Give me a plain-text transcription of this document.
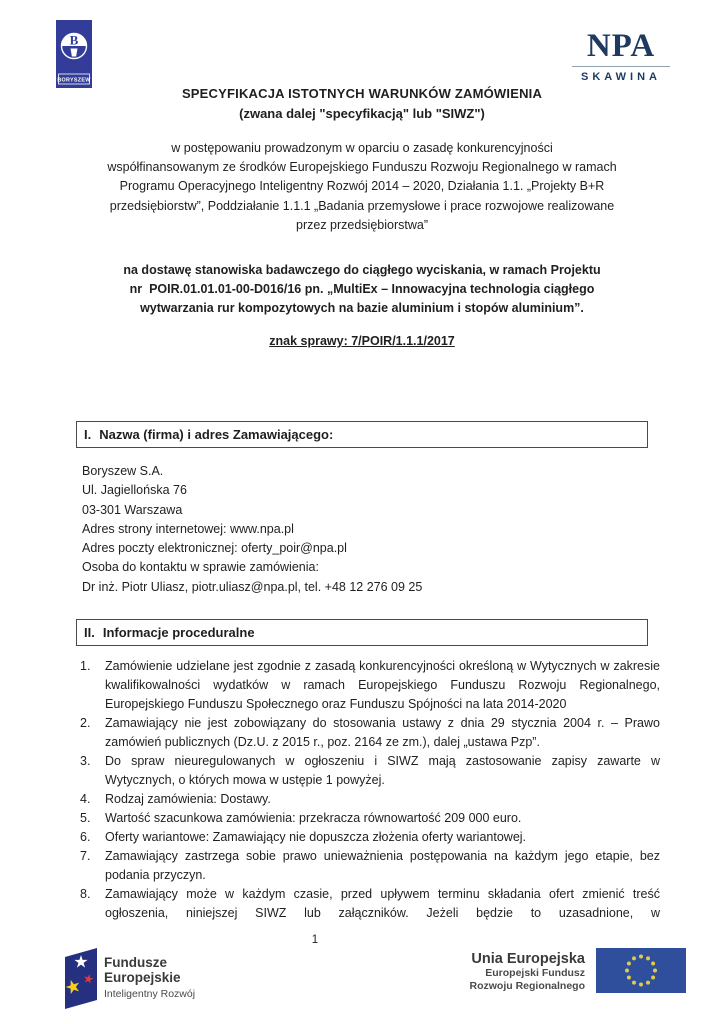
B
BORYSZEW
NPA
SKAWINA
SPECYFIKACJA ISTOTNYCH WARUNKÓW ZAMÓWIENIA
(zwana dalej "specyfikacją" lub "SIWZ")
w postępowaniu prowadzonym w oparciu o zasadę konkurencyjności
współfinansowanym ze środków Europejskiego Funduszu Rozwoju Regionalnego w ramach
Programu Operacyjnego Inteligentny Rozwój 2014 – 2020, Działania 1.1. „Projekty B+R
przedsiębiorstw”, Poddziałanie 1.1.1 „Badania przemysłowe i prace rozwojowe realizowane
przez przedsiębiorstwa”
na dostawę stanowiska badawczego do ciągłego wyciskania, w ramach Projektu
nr  POIR.01.01.01-00-D016/16 pn. „MultiEx – Innowacyjna technologia ciągłego
wytwarzania rur kompozytowych na bazie aluminium i stopów aluminium”.
znak sprawy: 7/POIR/1.1.1/2017
I. Nazwa (firma) i adres Zamawiającego:
Boryszew S.A.
Ul. Jagiellońska 76
03-301 Warszawa
Adres strony internetowej: www.npa.pl
Adres poczty elektronicznej: oferty_poir@npa.pl
Osoba do kontaktu w sprawie zamówienia:
Dr inż. Piotr Uliasz, piotr.uliasz@npa.pl, tel. +48 12 276 09 25
II. Informacje proceduralne
Zamówienie udzielane jest zgodnie z zasadą konkurencyjności określoną w Wytycznych w zakresie kwalifikowalności wydatków w ramach Europejskiego Funduszu Rozwoju Regionalnego, Europejskiego Funduszu Społecznego oraz Funduszu Spójności na lata 2014-2020
Zamawiający nie jest zobowiązany do stosowania ustawy z dnia 29 stycznia 2004 r. – Prawo zamówień publicznych (Dz.U. z 2015 r., poz. 2164 ze zm.), dalej „ustawa Pzp”.
Do spraw nieuregulowanych w ogłoszeniu i SIWZ mają zastosowanie zapisy zawarte w Wytycznych, o których mowa w ustępie 1 powyżej.
Rodzaj zamówienia: Dostawy.
Wartość szacunkowa zamówienia: przekracza równowartość 209 000 euro.
Oferty wariantowe: Zamawiający nie dopuszcza złożenia oferty wariantowej.
Zamawiający zastrzega sobie prawo unieważnienia postępowania na każdym jego etapie, bez podania przyczyn.
Zamawiający może w każdym czasie, przed upływem terminu składania ofert zmienić treść ogłoszenia, niniejszej SIWZ lub załączników. Jeżeli będzie to uzasadnione, w
1
Fundusze
Europejskie
Inteligentny Rozwój
Unia Europejska
Europejski Fundusz
Rozwoju Regionalnego
